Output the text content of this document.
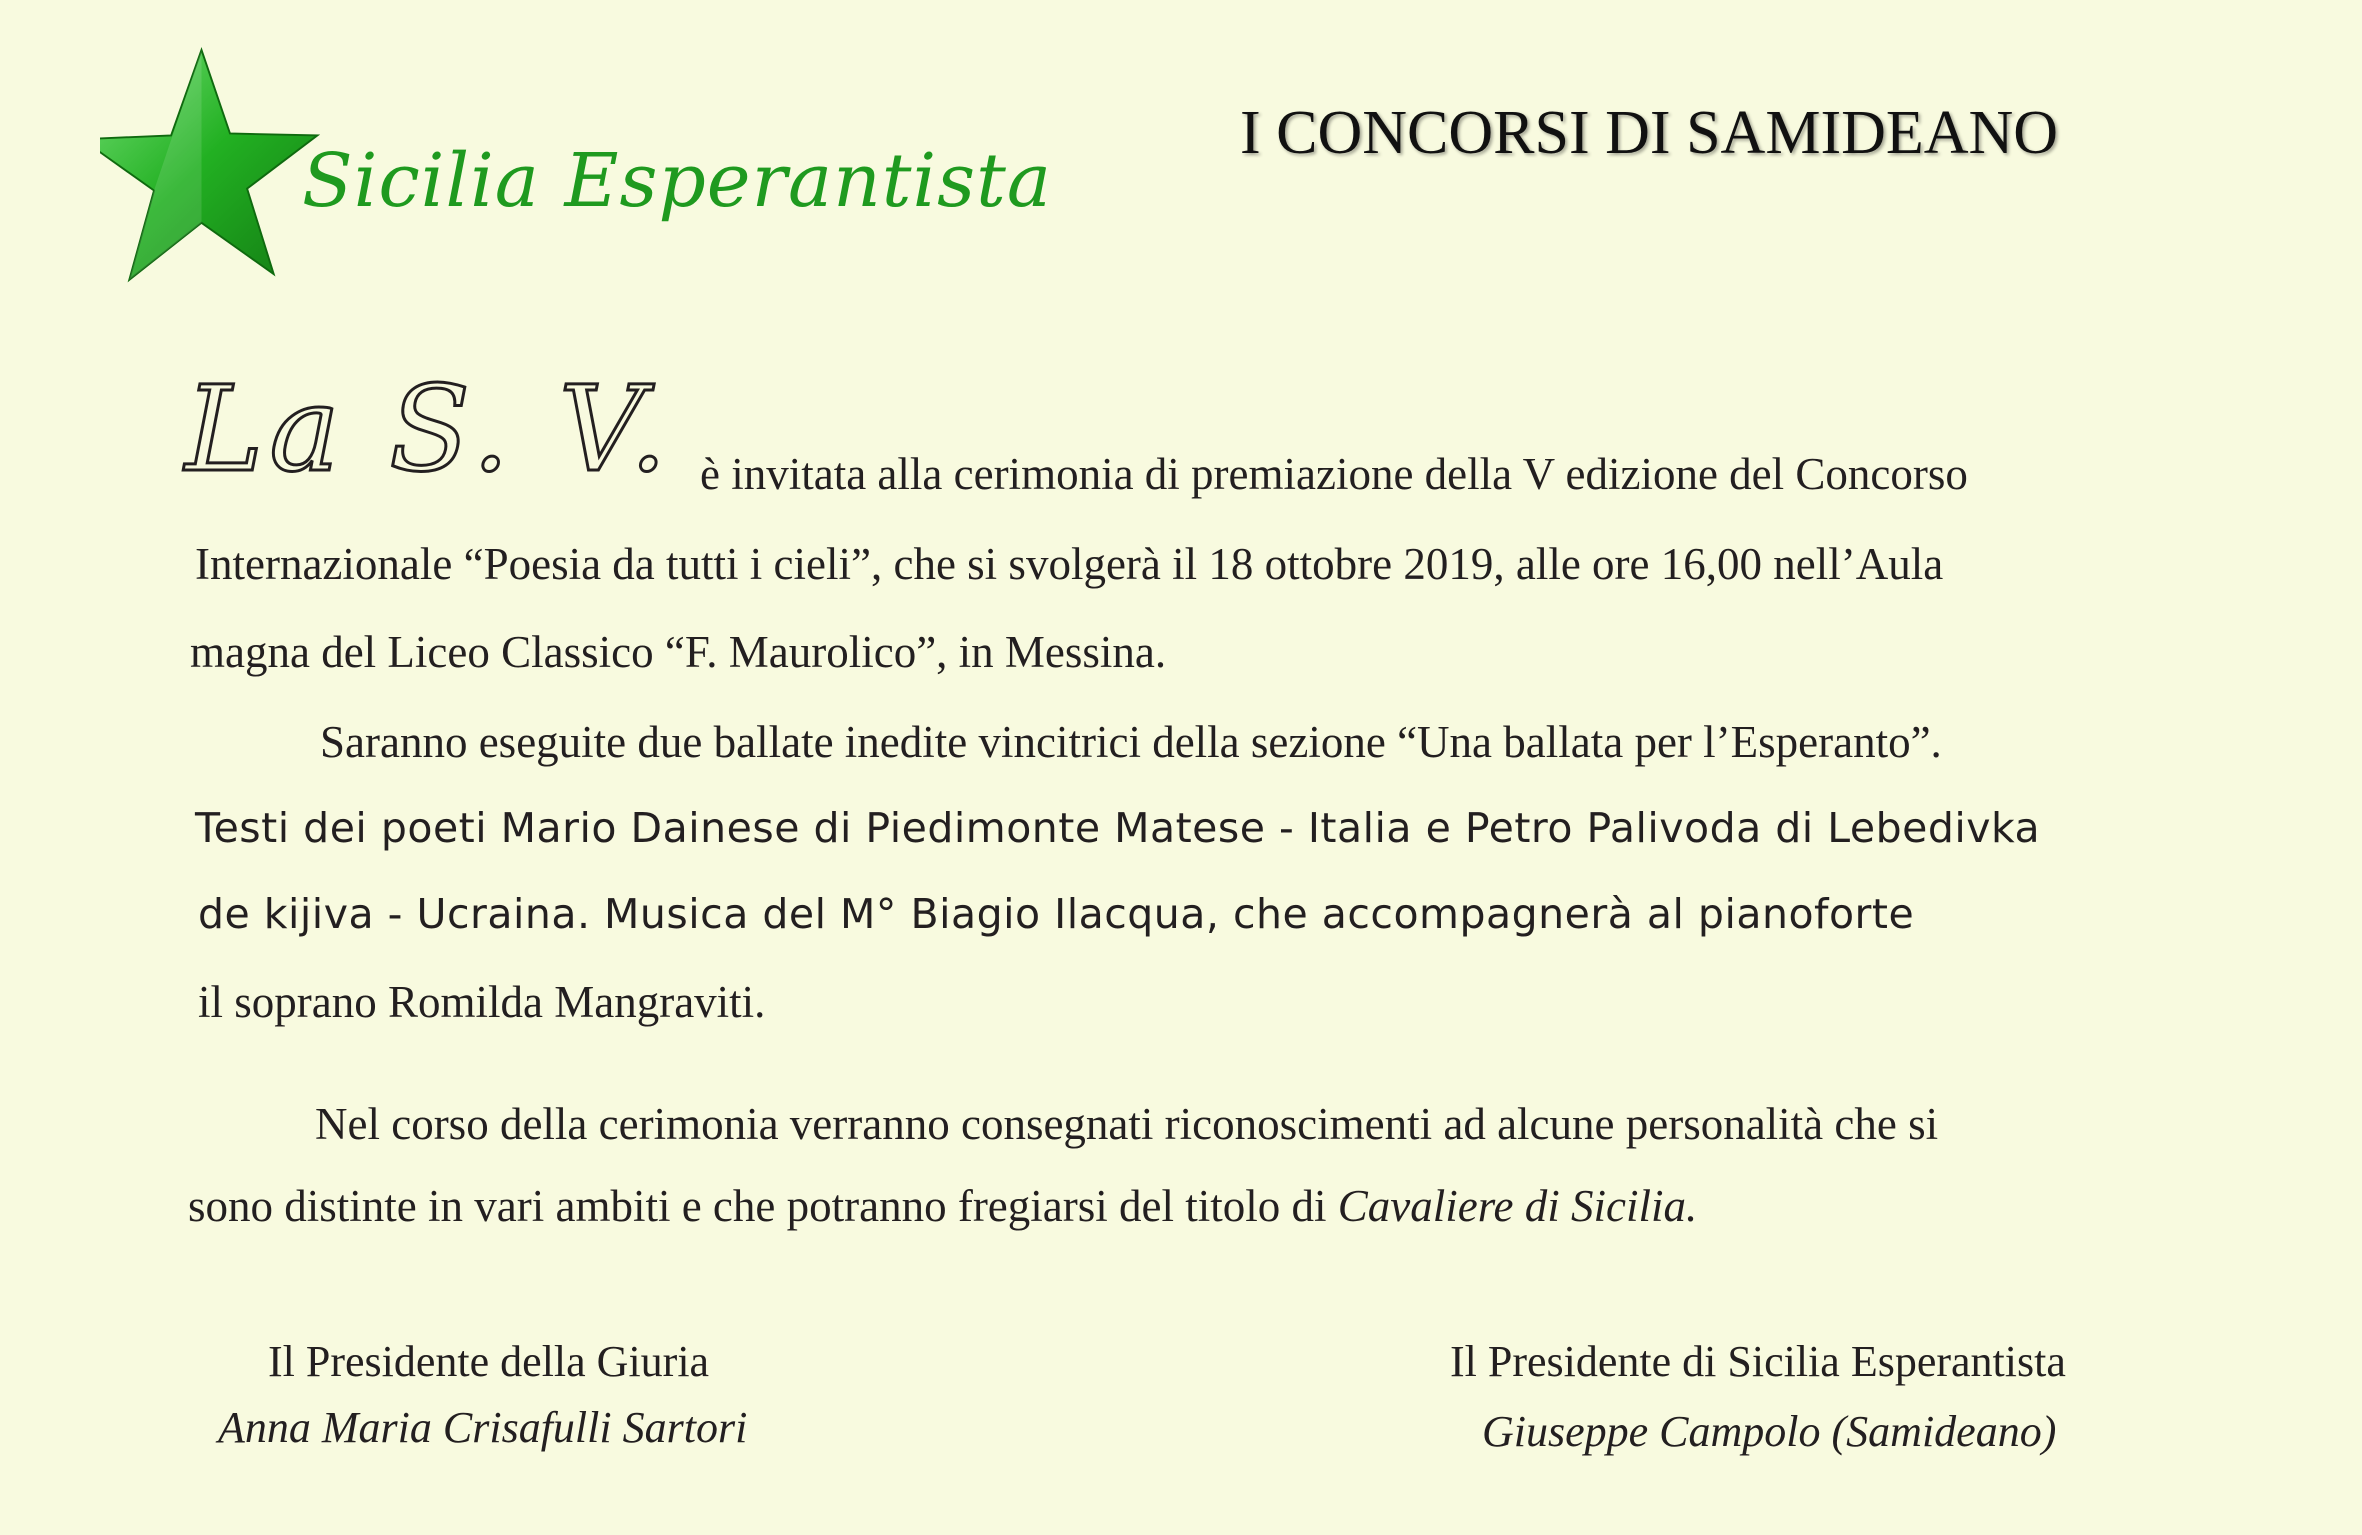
Sicilia Esperantista
I CONCORSI DI SAMIDEANO
La S. V. è invitata alla cerimonia di premiazione della V edizione del Concorso
Internazionale “Poesia da tutti i cieli”, che si svolgerà il 18 ottobre 2019, alle ore 16,00 nell’Aula
magna del Liceo Classico “F. Maurolico”, in Messina.
Saranno eseguite due ballate inedite vincitrici della sezione “Una ballata per l’Esperanto”.
Testi dei poeti Mario Dainese di Piedimonte Matese - Italia e Petro Palivoda di Lebedivka
de kijiva - Ucraina. Musica del M° Biagio Ilacqua, che accompagnerà al pianoforte
il soprano Romilda Mangraviti.
Nel corso della cerimonia verranno consegnati riconoscimenti ad alcune personalità che si
sono distinte in vari ambiti e che potranno fregiarsi del titolo di Cavaliere di Sicilia.
Il Presidente della Giuria
Anna Maria Crisafulli Sartori
Il Presidente di Sicilia Esperantista
Giuseppe Campolo (Samideano)
